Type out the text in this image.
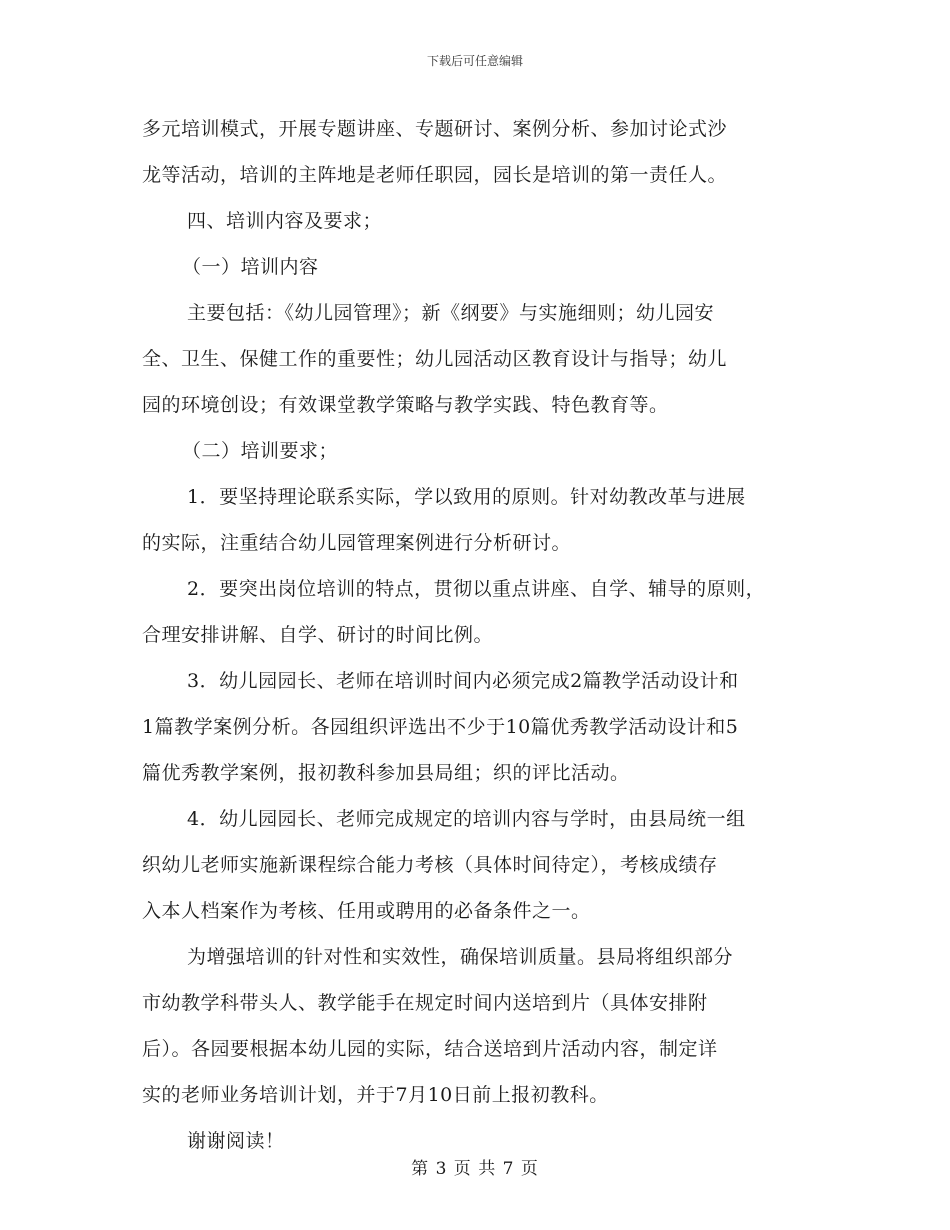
下载后可任意编辑
多元培训模式，开展专题讲座、专题研讨、案例分析、参加讨论式沙
龙等活动，培训的主阵地是老师任职园，园长是培训的第一责任人。
四、培训内容及要求；
（一）培训内容
主要包括：《幼儿园管理》；新《纲要》与实施细则；幼儿园安
全、卫生、保健工作的重要性；幼儿园活动区教育设计与指导；幼儿
园的环境创设；有效课堂教学策略与教学实践、特色教育等。
（二）培训要求；
1．要坚持理论联系实际，学以致用的原则。针对幼教改革与进展
的实际，注重结合幼儿园管理案例进行分析研讨。
2．要突出岗位培训的特点，贯彻以重点讲座、自学、辅导的原则，
合理安排讲解、自学、研讨的时间比例。
3．幼儿园园长、老师在培训时间内必须完成2篇教学活动设计和
1篇教学案例分析。各园组织评选出不少于10篇优秀教学活动设计和5
篇优秀教学案例，报初教科参加县局组；织的评比活动。
4．幼儿园园长、老师完成规定的培训内容与学时，由县局统一组
织幼儿老师实施新课程综合能力考核（具体时间待定），考核成绩存
入本人档案作为考核、任用或聘用的必备条件之一。
为增强培训的针对性和实效性，确保培训质量。县局将组织部分
市幼教学科带头人、教学能手在规定时间内送培到片（具体安排附
后）。各园要根据本幼儿园的实际，结合送培到片活动内容，制定详
实的老师业务培训计划，并于7月10日前上报初教科。
谢谢阅读！
第 3 页 共 7 页
